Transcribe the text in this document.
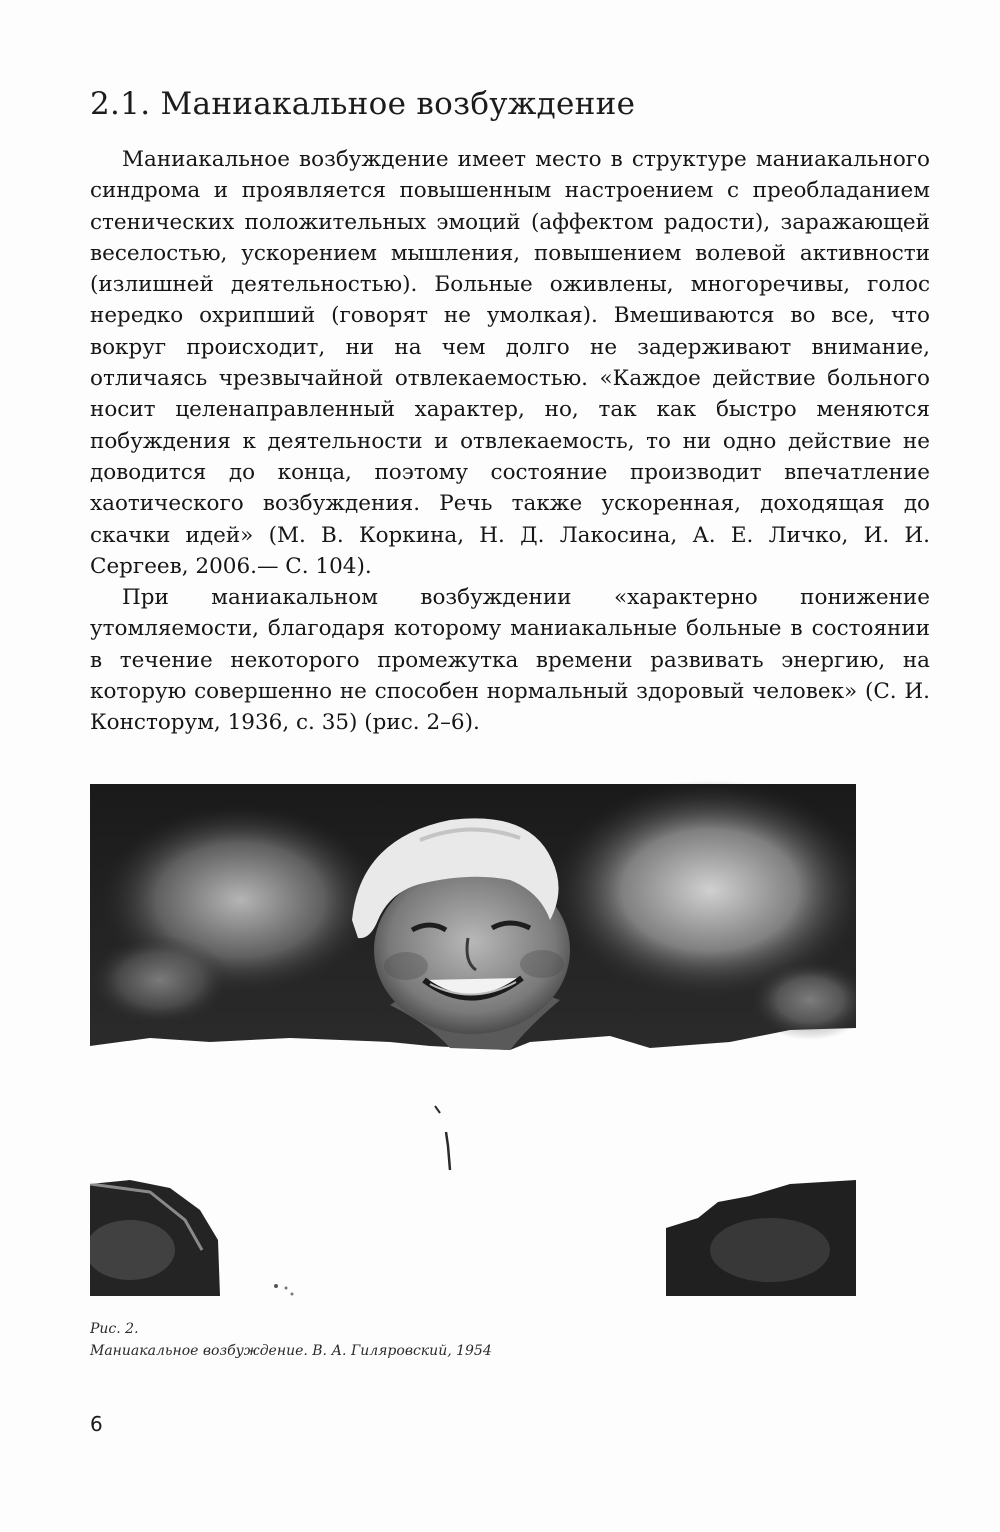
2.1. Маниакальное возбуждение

Маниакальное возбуждение имеет место в структуре маниакального синдрома и проявляется повышенным настроением с преобладанием стенических положительных эмоций (аффектом радости), заражающей веселостью, ускорением мышления, повышением волевой активности (излишней деятельностью). Больные оживлены, многоречивы, голос нередко охрипший (говорят не умолкая). Вмешиваются во все, что вокруг происходит, ни на чем долго не задерживают внимание, отличаясь чрезвычайной отвлекаемостью. «Каждое действие больного носит целенаправленный характер, но, так как быстро меняются побуждения к деятельности и отвлекаемость, то ни одно действие не доводится до конца, поэтому состояние производит впечатление хаотического возбуждения. Речь также ускоренная, доходящая до скачки идей» (М. В. Коркина, Н. Д. Лакосина, А. Е. Личко, И. И. Сергеев, 2006.— С. 104).

При маниакальном возбуждении «характерно понижение утомляемости, благодаря которому маниакальные больные в состоянии в течение некоторого промежутка времени развивать энергию, на которую совершенно не способен нормальный здоровый человек» (С. И. Консторум, 1936, с. 35) (рис. 2–6).

Рис. 2.
Маниакальное возбуждение. В. А. Гиляровский, 1954
6
